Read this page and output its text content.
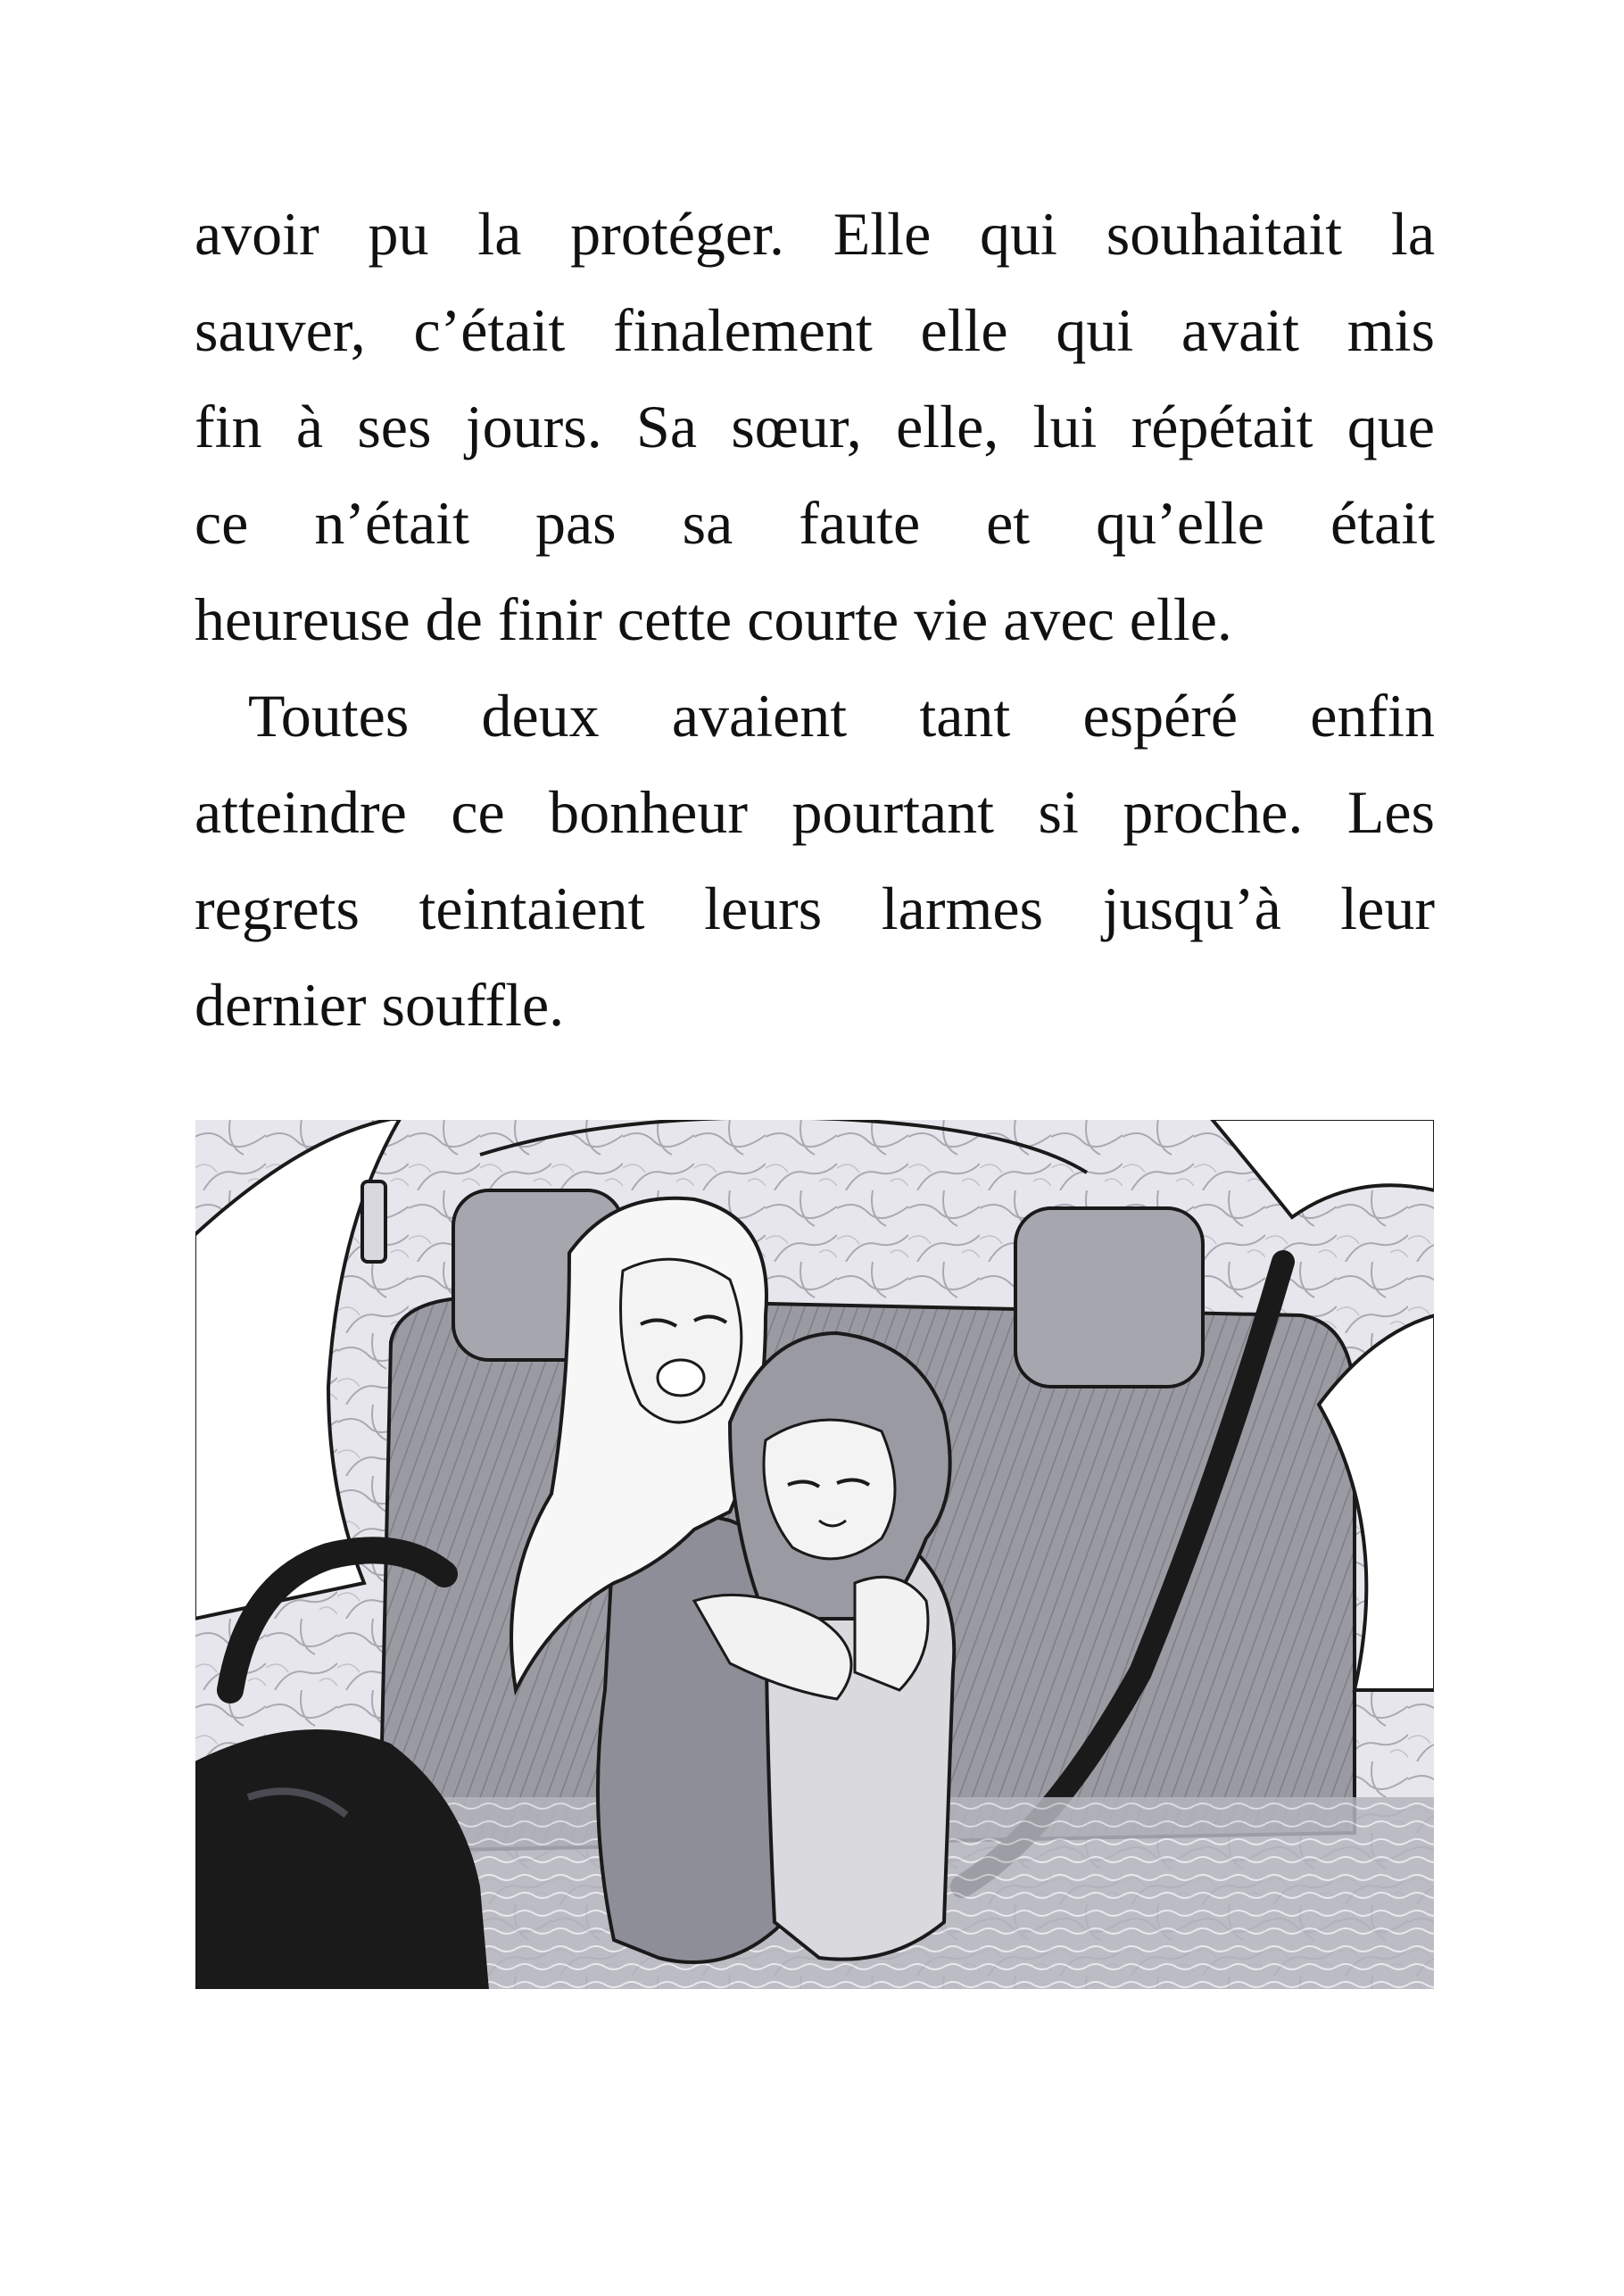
avoir pu la protéger. Elle qui souhaitait la
sauver, c’était finalement elle qui avait mis
fin à ses jours. Sa sœur, elle, lui répétait que
ce n’était pas sa faute et qu’elle était
heureuse de finir cette courte vie avec elle.
Toutes deux avaient tant espéré enfin
atteindre ce bonheur pourtant si proche. Les
regrets teintaient leurs larmes jusqu’à leur
dernier souffle.
